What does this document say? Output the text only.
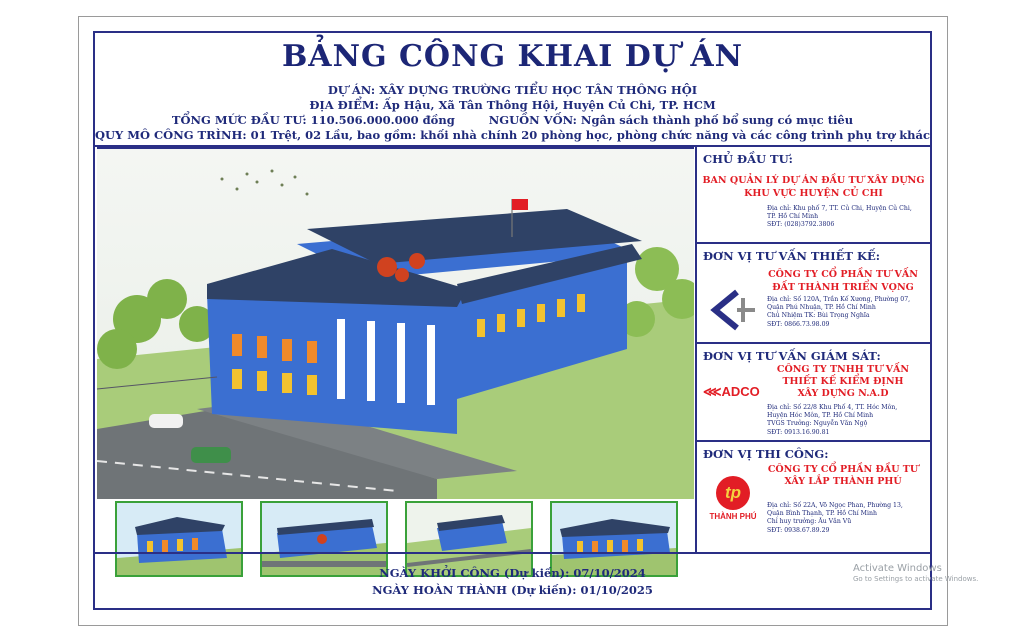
BẢNG CÔNG KHAI DỰ ÁN
DỰ ÁN: XÂY DỰNG TRƯỜNG TIỂU HỌC TÂN THÔNG HỘI
ĐỊA ĐIỂM: Ấp Hậu, Xã Tân Thông Hội, Huyện Củ Chi, TP. HCM
TỔNG MỨC ĐẦU TƯ: 110.506.000.000 đồng	NGUỒN VỐN: Ngân sách thành phố bổ sung có mục tiêu
QUY MÔ CÔNG TRÌNH: 01 Trệt, 02 Lầu, bao gồm: khối nhà chính 20 phòng học, phòng chức năng và các công trình phụ trợ khác
CHỦ ĐẦU TƯ:
BAN QUẢN LÝ DỰ ÁN ĐẦU TƯ XÂY DỰNG
KHU VỰC HUYỆN CỦ CHI
Địa chỉ: Khu phố 7, TT. Củ Chi, Huyện Củ Chi,
TP. Hồ Chí Minh
SĐT: (028)3792.3806
ĐƠN VỊ TƯ VẤN THIẾT KẾ:
CÔNG TY CỔ PHẦN TƯ VẤN
ĐẤT THÀNH TRIỂN VỌNG
Địa chỉ: Số 120A, Trần Kế Xương, Phường 07,
Quận Phú Nhuận, TP. Hồ Chí Minh
Chủ Nhiệm TK: Bùi Trọng Nghĩa
SĐT: 0866.73.98.09
ĐƠN VỊ TƯ VẤN GIÁM SÁT:
CÔNG TY TNHH TƯ VẤN
THIẾT KẾ KIỂM ĐỊNH
XÂY DỰNG N.A.D
⋘ADCO
Địa chỉ: Số 22/8 Khu Phố 4, TT. Hóc Môn,
Huyện Hóc Môn, TP. Hồ Chí Minh
TVGS Trưởng: Nguyễn Văn Ngộ
SĐT: 0913.16.90.81
ĐƠN VỊ THI CÔNG:
CÔNG TY CỔ PHẦN ĐẦU TƯ
XÂY LẮP THÀNH PHÚ
tp
THÀNH PHÚ
Địa chỉ: Số 22A, Võ Ngọc Phan, Phường 13,
Quận Bình Thạnh, TP. Hồ Chí Minh
Chỉ huy trưởng: Âu Văn Vũ
SĐT: 0938.67.89.29
NGÀY KHỞI CÔNG (Dự kiến): 07/10/2024
NGÀY HOÀN THÀNH (Dự kiến): 01/10/2025
Activate Windows
Go to Settings to activate Windows.
